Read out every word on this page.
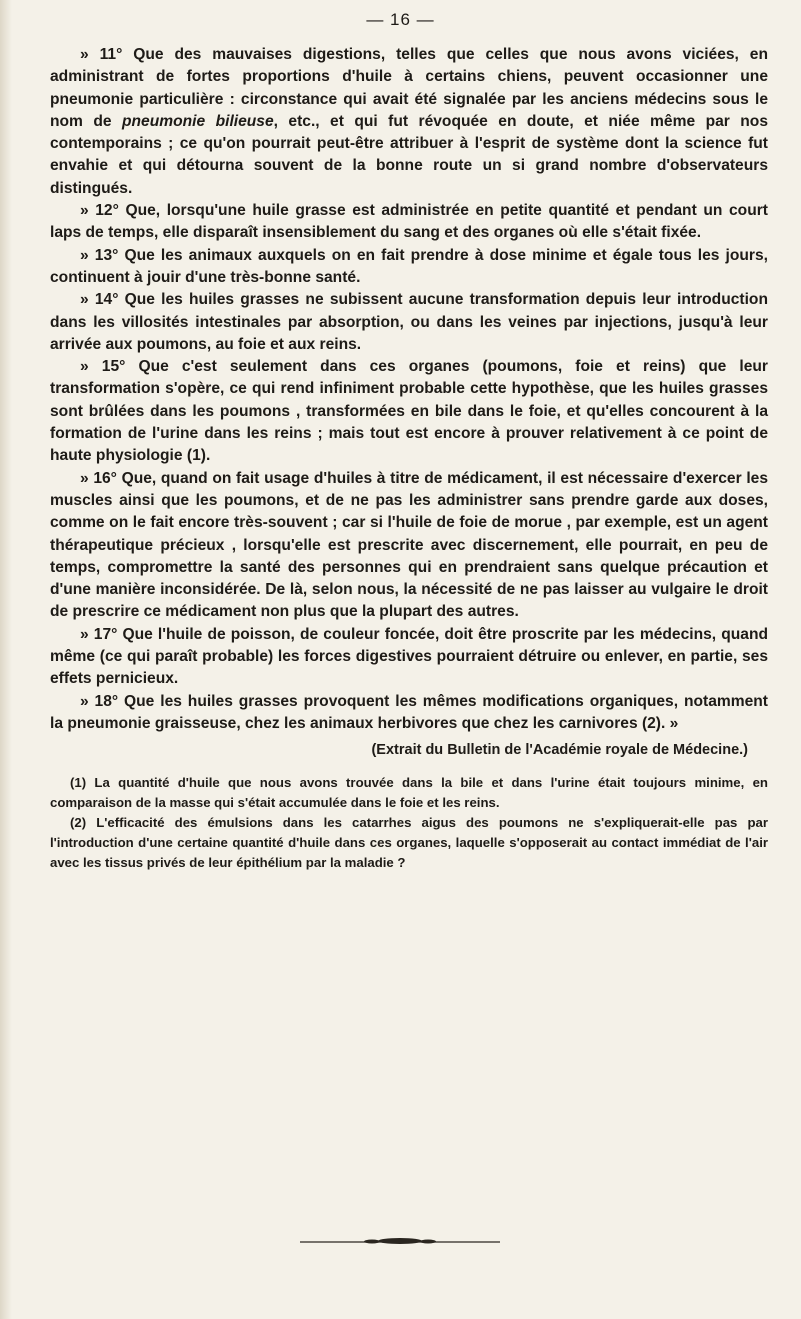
— 16 —

» 11° Que des mauvaises digestions, telles que celles que nous avons viciées, en administrant de fortes proportions d'huile à certains chiens, peuvent occasionner une pneumonie particulière : circonstance qui avait été signalée par les anciens médecins sous le nom de pneumonie bilieuse, etc., et qui fut révoquée en doute, et niée même par nos contemporains ; ce qu'on pourrait peut-être attribuer à l'esprit de système dont la science fut envahie et qui détourna souvent de la bonne route un si grand nombre d'observateurs distingués.

» 12° Que, lorsqu'une huile grasse est administrée en petite quantité et pendant un court laps de temps, elle disparaît insensiblement du sang et des organes où elle s'était fixée.

» 13° Que les animaux auxquels on en fait prendre à dose minime et égale tous les jours, continuent à jouir d'une très-bonne santé.

» 14° Que les huiles grasses ne subissent aucune transformation depuis leur introduction dans les villosités intestinales par absorption, ou dans les veines par injections, jusqu'à leur arrivée aux poumons, au foie et aux reins.

» 15° Que c'est seulement dans ces organes (poumons, foie et reins) que leur transformation s'opère, ce qui rend infiniment probable cette hypothèse, que les huiles grasses sont brûlées dans les poumons , transformées en bile dans le foie, et qu'elles concourent à la formation de l'urine dans les reins ; mais tout est encore à prouver relativement à ce point de haute physiologie (1).

» 16° Que, quand on fait usage d'huiles à titre de médicament, il est nécessaire d'exercer les muscles ainsi que les poumons, et de ne pas les administrer sans prendre garde aux doses, comme on le fait encore très-souvent ; car si l'huile de foie de morue , par exemple, est un agent thérapeutique précieux , lorsqu'elle est prescrite avec discernement, elle pourrait, en peu de temps, compromettre la santé des personnes qui en prendraient sans quelque précaution et d'une manière inconsidérée. De là, selon nous, la nécessité de ne pas laisser au vulgaire le droit de prescrire ce médicament non plus que la plupart des autres.

» 17° Que l'huile de poisson, de couleur foncée, doit être proscrite par les médecins, quand même (ce qui paraît probable) les forces digestives pourraient détruire ou enlever, en partie, ses effets pernicieux.

» 18° Que les huiles grasses provoquent les mêmes modifications organiques, notamment la pneumonie graisseuse, chez les animaux herbivores que chez les carnivores (2). »

(Extrait du Bulletin de l'Académie royale de Médecine.)

(1) La quantité d'huile que nous avons trouvée dans la bile et dans l'urine était toujours minime, en comparaison de la masse qui s'était accumulée dans le foie et les reins.

(2) L'efficacité des émulsions dans les catarrhes aigus des poumons ne s'expliquerait-elle pas par l'introduction d'une certaine quantité d'huile dans ces organes, laquelle s'opposerait au contact immédiat de l'air avec les tissus privés de leur épithélium par la maladie ?
